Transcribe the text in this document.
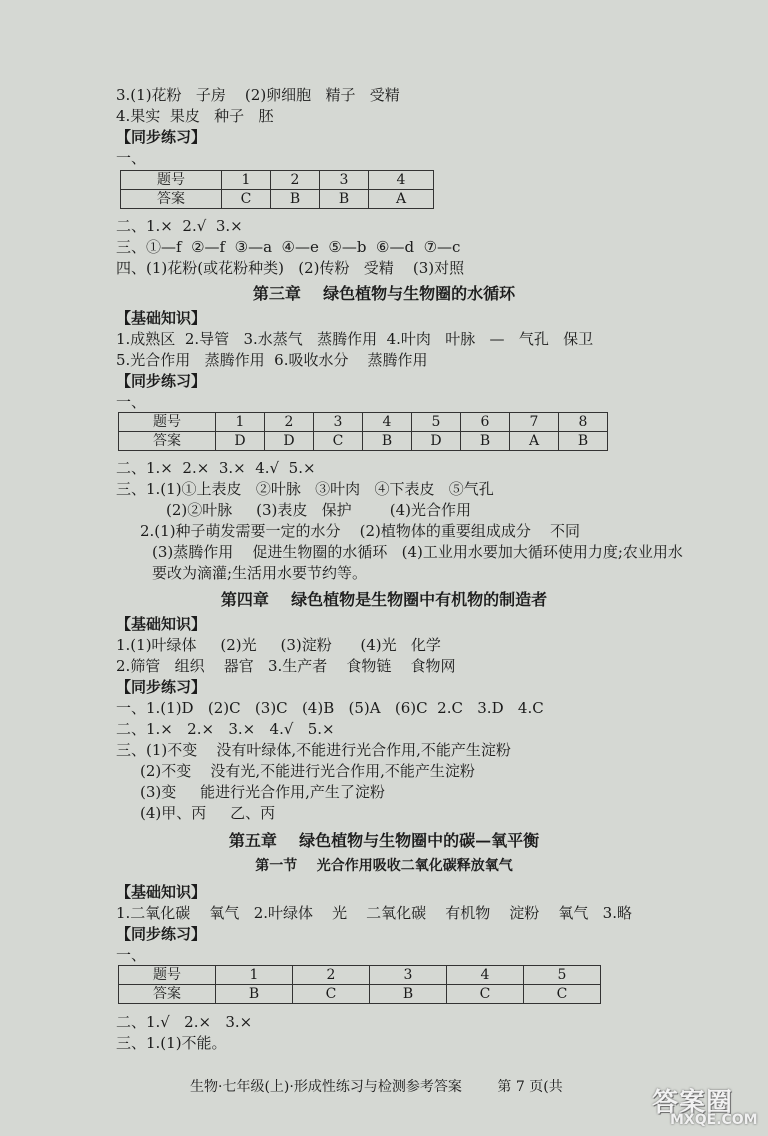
3.(1)花粉   子房    (2)卵细胞   精子   受精
4.果实  果皮   种子   胚
【同步练习】
一、
题号	1	2	3	4
答案	C	B	B	A
二、1.×  2.√  3.×
三、①—f  ②—f  ③—a  ④—e  ⑤—b  ⑥—d  ⑦—c
四、(1)花粉(或花粉种类)   (2)传粉   受精    (3)对照
第三章    绿色植物与生物圈的水循环
【基础知识】
1.成熟区  2.导管   3.水蒸气   蒸腾作用  4.叶肉   叶脉   —   气孔   保卫
5.光合作用   蒸腾作用  6.吸收水分    蒸腾作用
【同步练习】
一、
题号	1	2	3	4	5	6	7	8
答案	D	D	C	B	D	B	A	B
二、1.×  2.×  3.×  4.√  5.×
三、1.(1)①上表皮   ②叶脉   ③叶肉   ④下表皮   ⑤气孔
(2)②叶脉     (3)表皮   保护        (4)光合作用
2.(1)种子萌发需要一定的水分    (2)植物体的重要组成成分    不同
(3)蒸腾作用    促进生物圈的水循环   (4)工业用水要加大循环使用力度;农业用水
要改为滴灌;生活用水要节约等。
第四章    绿色植物是生物圈中有机物的制造者
【基础知识】
1.(1)叶绿体     (2)光     (3)淀粉      (4)光   化学
2.筛管   组织    器官   3.生产者    食物链    食物网
【同步练习】
一、1.(1)D   (2)C   (3)C   (4)B   (5)A   (6)C  2.C   3.D   4.C
二、1.×   2.×   3.×   4.√   5.×
三、(1)不变    没有叶绿体,不能进行光合作用,不能产生淀粉
(2)不变    没有光,不能进行光合作用,不能产生淀粉
(3)变     能进行光合作用,产生了淀粉
(4)甲、丙     乙、丙
第五章    绿色植物与生物圈中的碳—氧平衡
第一节    光合作用吸收二氧化碳释放氧气
【基础知识】
1.二氧化碳    氧气   2.叶绿体    光    二氧化碳    有机物    淀粉    氧气   3.略
【同步练习】
一、
题号	1	2	3	4	5
答案	B	C	B	C	C
二、1.√   2.×   3.×
三、1.(1)不能。
生物·七年级(上)·形成性练习与检测参考答案        第 7 页(共
答案圈
MXQE.COM
